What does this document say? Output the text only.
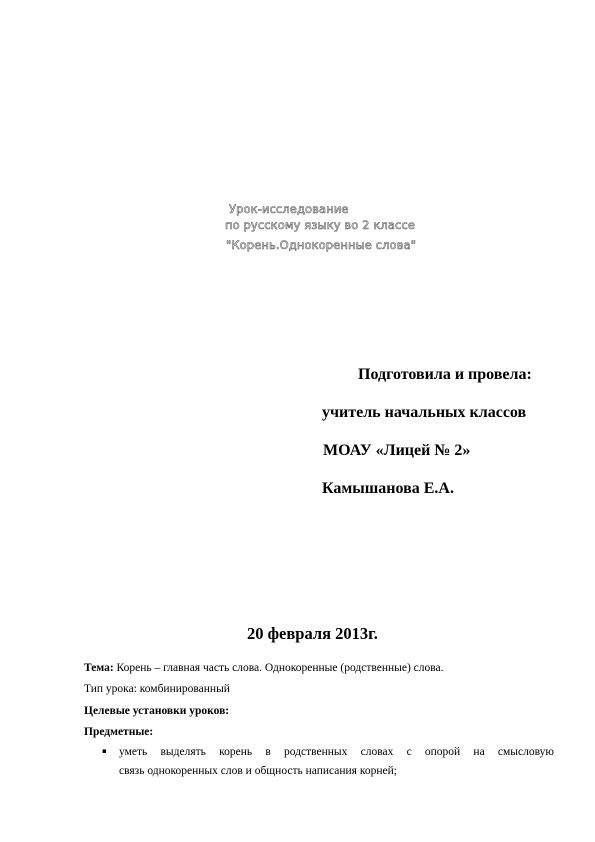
Урок-исследование
по русскому языку во 2 классе
"Корень.Однокоренные слова"
Подготовила и провела:
учитель начальных классов
МОАУ «Лицей № 2»
Камышанова Е.А.
20 февраля 2013г.
Тема: Корень – главная часть слова. Однокоренные (родственные) слова.
Тип урока: комбинированный
Целевые установки уроков:
Предметные:
▪ уметь выделять корень в родственных словах с опорой на смысловую
связь однокоренных слов и общность написания корней;
